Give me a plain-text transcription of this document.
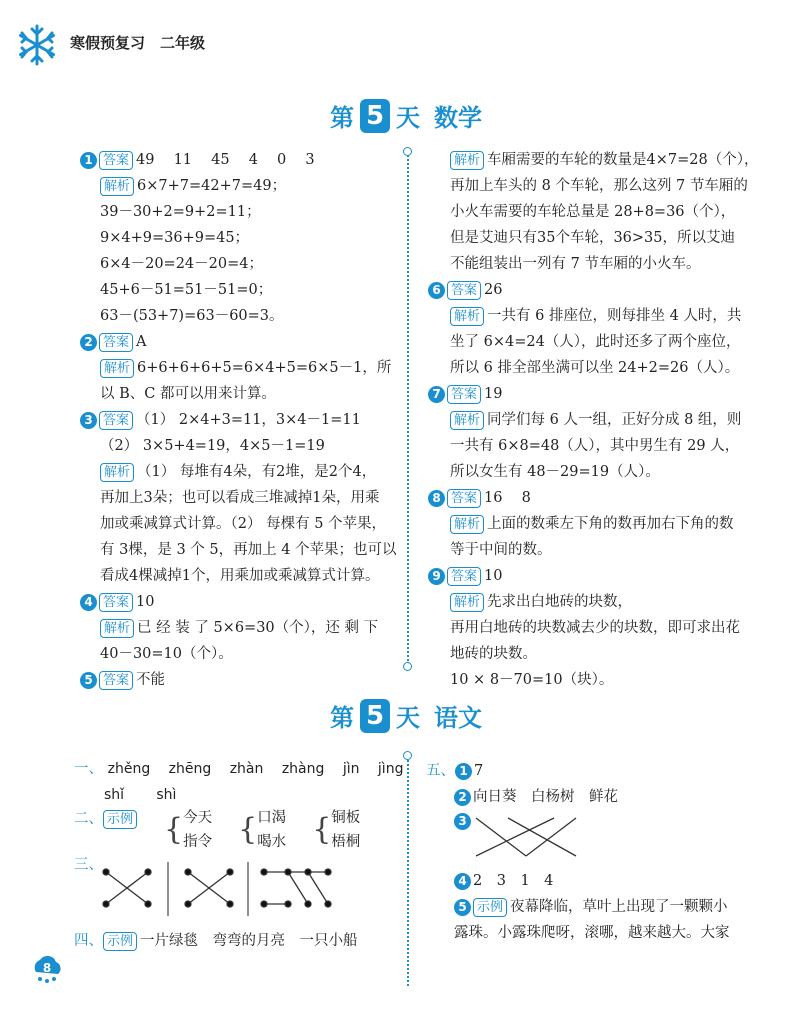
寒假预复习　二年级
第 5 天 数学
1 答案 49　 11　 45　 4　 0　 3
解析 6×7+7=42+7=49；
39－30+2=9+2=11；
9×4+9=36+9=45；
6×4－20=24－20=4；
45+6－51=51－51=0；
63－(53+7)=63－60=3。
2 答案 A
解析 6+6+6+6+5=6×4+5=6×5－1，所
以 B、C 都可以用来计算。
3 答案 （1） 2×4+3=11，3×4－1=11
（2） 3×5+4=19，4×5－1=19
解析 （1） 每堆有4朵，有2堆，是2个4，
再加上3朵；也可以看成三堆减掉1朵，用乘
加或乘减算式计算。（2） 每棵有 5 个苹果，
有 3棵，是 3 个 5，再加上 4 个苹果；也可以
看成4棵减掉1个，用乘加或乘减算式计算。
4 答案 10
解析 已 经 装 了 5×6=30（个），还 剩 下
40－30=10（个）。
5 答案 不能
解析 车厢需要的车轮的数量是4×7=28（个），
再加上车头的 8 个车轮，那么这列 7 节车厢的
小火车需要的车轮总量是 28+8=36（个），
但是艾迪只有35个车轮，36>35，所以艾迪
不能组装出一列有 7 节车厢的小火车。
6 答案 26
解析 一共有 6 排座位，则每排坐 4 人时，共
坐了 6×4=24（人），此时还多了两个座位，
所以 6 排全部坐满可以坐 24+2=26（人）。
7 答案 19
解析 同学们每 6 人一组，正好分成 8 组，则
一共有 6×8=48（人），其中男生有 29 人，
所以女生有 48－29=19（人）。
8 答案 16　 8
解析 上面的数乘左下角的数再加右下角的数
等于中间的数。
9 答案 10
解析 先求出白地砖的块数，
再用白地砖的块数减去少的块数，即可求出花
地砖的块数。
10 × 8－70=10（块）。
第 5 天 语文
一、 zhěng zhēng zhàn zhàng jìn jìng
shǐ shì
二、 示例 { 今天
指令 { 口渴
喝水 { 铜板
梧桐
三、
四、 示例 一片绿毯　弯弯的月亮　一只小船
五、 1 7
2 向日葵　白杨树　鲜花
3
4 2　3　1　4
5 示例 夜幕降临，草叶上出现了一颗颗小
露珠。小露珠爬呀，滚哪，越来越大。大家
8
